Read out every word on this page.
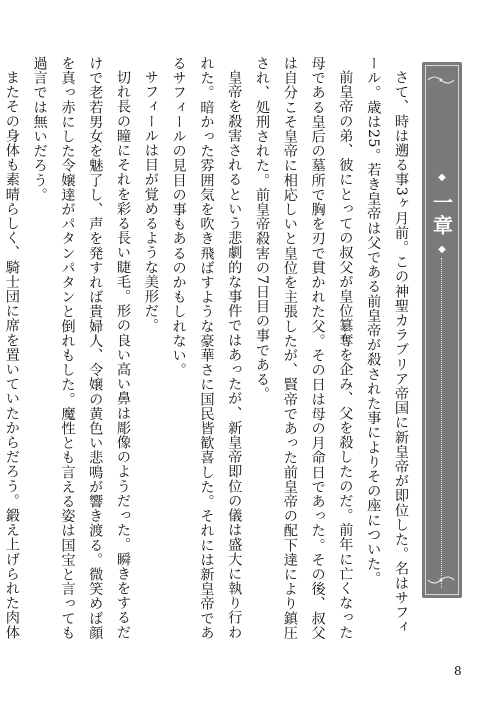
◆
一章
◆

さて、時は遡る事3ヶ月前。この神聖カラブリア帝国に新皇帝が即位した。名はサフィール。歳は25。若き皇帝は父である前皇帝が殺された事によりその座についた。

前皇帝の弟、彼にとっての叔父が皇位簒奪を企み、父を殺したのだ。前年に亡くなった母である皇后の墓所で胸を刃で貫かれた父。その日は母の月命日であった。その後、叔父は自分こそ皇帝に相応しいと皇位を主張したが、賢帝であった前皇帝の配下達により鎮圧され、処刑された。前皇帝殺害の7日目の事である。

皇帝を殺害されるという悲劇的な事件ではあったが、新皇帝即位の儀は盛大に執り行われた。暗かった雰囲気を吹き飛ばすような豪華さに国民皆歓喜した。それには新皇帝であるサフィールの見目の事もあるのかもしれない。

サフィールは目が覚めるような美形だ。

切れ長の瞳にそれを彩る長い睫毛。形の良い高い鼻は彫像のようだった。瞬きをするだけで老若男女を魅了し、声を発すれば貴婦人、令嬢の黄色い悲鳴が響き渡る。微笑めば顔を真っ赤にした令嬢達がパタンパタンと倒れもした。魔性とも言える姿は国宝と言っても過言では無いだろう。

またその身体も素晴らしく、騎士団に席を置いていたからだろう。鍛え上げられた肉体

8
